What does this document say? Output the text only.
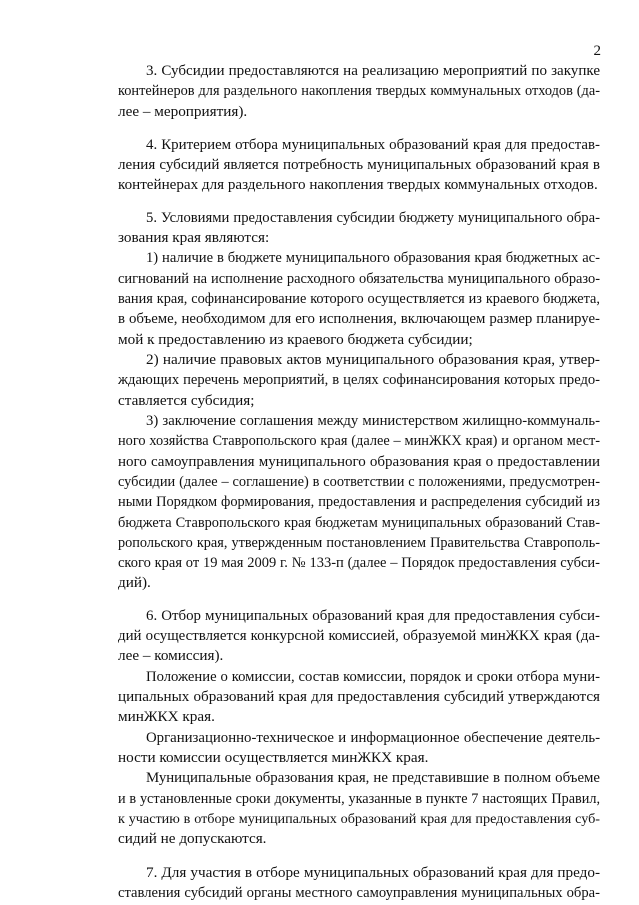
2
3. Субсидии предоставляются на реализацию мероприятий по закупке
контейнеров для раздельного накопления твердых коммунальных отходов (да-
лее – мероприятия).
4. Критерием отбора муниципальных образований края для предостав-
ления субсидий является потребность муниципальных образований края в
контейнерах для раздельного накопления твердых коммунальных отходов.
5. Условиями предоставления субсидии бюджету муниципального обра-
зования края являются:
1) наличие в бюджете муниципального образования края бюджетных ас-
сигнований на исполнение расходного обязательства муниципального образо-
вания края, софинансирование которого осуществляется из краевого бюджета,
в объеме, необходимом для его исполнения, включающем размер планируе-
мой к предоставлению из краевого бюджета субсидии;
2) наличие правовых актов муниципального образования края, утвер-
ждающих перечень мероприятий, в целях софинансирования которых предо-
ставляется субсидия;
3) заключение соглашения между министерством жилищно-коммуналь-
ного хозяйства Ставропольского края (далее – минЖКХ края) и органом мест-
ного самоуправления муниципального образования края о предоставлении
субсидии (далее – соглашение) в соответствии с положениями, предусмотрен-
ными Порядком формирования, предоставления и распределения субсидий из
бюджета Ставропольского края бюджетам муниципальных образований Став-
ропольского края, утвержденным постановлением Правительства Ставрополь-
ского края от 19 мая 2009 г. № 133-п (далее – Порядок предоставления субси-
дий).
6. Отбор муниципальных образований края для предоставления субси-
дий осуществляется конкурсной комиссией, образуемой минЖКХ края (да-
лее – комиссия).
Положение о комиссии, состав комиссии, порядок и сроки отбора муни-
ципальных образований края для предоставления субсидий утверждаются
минЖКХ края.
Организационно-техническое и информационное обеспечение деятель-
ности комиссии осуществляется минЖКХ края.
Муниципальные образования края, не представившие в полном объеме
и в установленные сроки документы, указанные в пункте 7 настоящих Правил,
к участию в отборе муниципальных образований края для предоставления суб-
сидий не допускаются.
7. Для участия в отборе муниципальных образований края для предо-
ставления субсидий органы местного самоуправления муниципальных обра-
